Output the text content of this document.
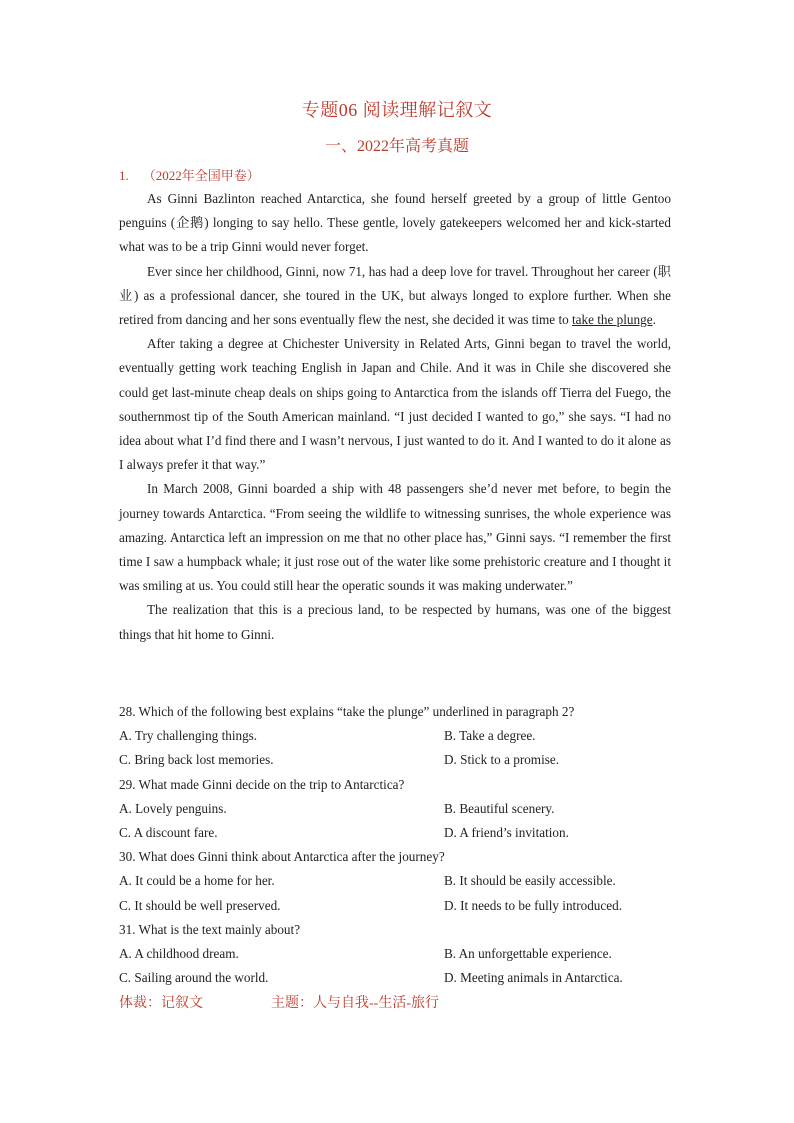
专题06 阅读理解记叙文
一、2022年高考真题
1. （2022年全国甲卷）

As Ginni Bazlinton reached Antarctica, she found herself greeted by a group of little Gentoo penguins (企鹅) longing to say hello. These gentle, lovely gatekeepers welcomed her and kick-started what was to be a trip Ginni would never forget.

Ever since her childhood, Ginni, now 71, has had a deep love for travel. Throughout her career (职业) as a professional dancer, she toured in the UK, but always longed to explore further. When she retired from dancing and her sons eventually flew the nest, she decided it was time to take the plunge.

After taking a degree at Chichester University in Related Arts, Ginni began to travel the world, eventually getting work teaching English in Japan and Chile. And it was in Chile she discovered she could get last-minute cheap deals on ships going to Antarctica from the islands off Tierra del Fuego, the southernmost tip of the South American mainland. “I just decided I wanted to go,” she says. “I had no idea about what I’d find there and I wasn’t nervous, I just wanted to do it. And I wanted to do it alone as I always prefer it that way.”

In March 2008, Ginni boarded a ship with 48 passengers she’d never met before, to begin the journey towards Antarctica. “From seeing the wildlife to witnessing sunrises, the whole experience was amazing. Antarctica left an impression on me that no other place has,” Ginni says. “I remember the first time I saw a humpback whale; it just rose out of the water like some prehistoric creature and I thought it was smiling at us. You could still hear the operatic sounds it was making underwater.”

The realization that this is a precious land, to be respected by humans, was one of the biggest things that hit home to Ginni.

28. Which of the following best explains “take the plunge” underlined in paragraph 2?

A. Try challenging things.	B. Take a degree.
C. Bring back lost memories.	D. Stick to a promise.

29. What made Ginni decide on the trip to Antarctica?

A. Lovely penguins.	B. Beautiful scenery.
C. A discount fare.	D. A friend’s invitation.

30. What does Ginni think about Antarctica after the journey?

A. It could be a home for her.	B. It should be easily accessible.
C. It should be well preserved.	D. It needs to be fully introduced.

31. What is the text mainly about?

A. A childhood dream.	B. An unforgettable experience.
C. Sailing around the world.	D. Meeting animals in Antarctica.
体裁：记叙文	主题：人与自我--生活-旅行
